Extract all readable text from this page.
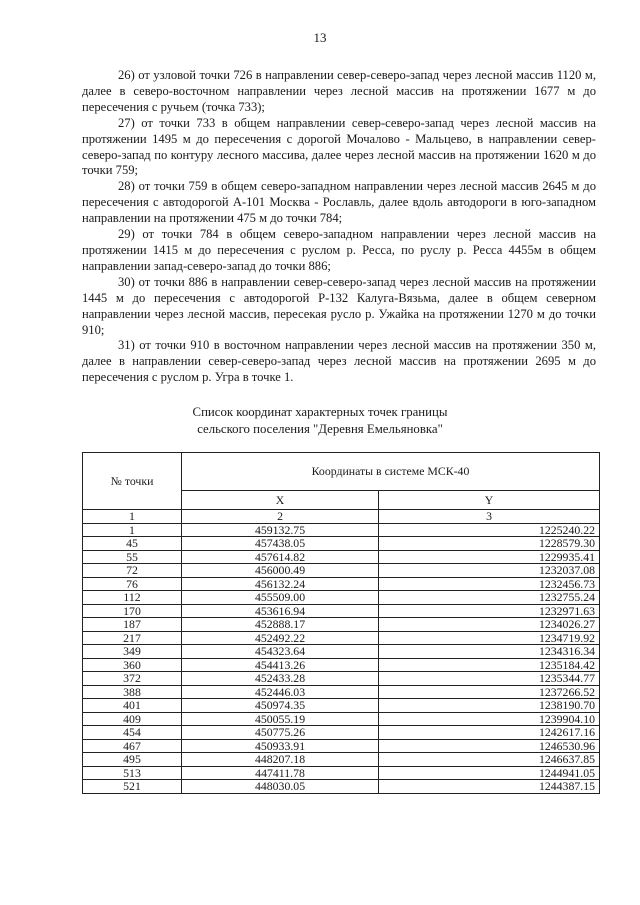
13

26) от узловой точки 726 в направлении север-северо-запад через лесной массив 1120 м, далее в северо-восточном направлении через лесной массив на протяжении 1677 м до пересечения с ручьем (точка 733);

27) от точки 733 в общем направлении север-северо-запад через лесной массив на протяжении 1495 м до пересечения с дорогой Мочалово - Мальцево, в направлении север-северо-запад по контуру лесного массива, далее через лесной массив на протяжении 1620 м до точки 759;

28) от точки 759 в общем северо-западном направлении через лесной массив 2645 м до пересечения с автодорогой А-101 Москва - Рославль, далее вдоль автодороги в юго-западном направлении на протяжении 475 м до точки 784;

29) от точки 784 в общем северо-западном направлении через лесной массив на протяжении 1415 м до пересечения с руслом р. Ресса, по руслу р. Ресса 4455м в общем направлении запад-северо-запад до точки 886;

30) от точки 886 в направлении север-северо-запад через лесной массив на протяжении 1445 м до пересечения с автодорогой Р-132 Калуга-Вязьма, далее в общем северном направлении через лесной массив, пересекая русло р. Ужайка на протяжении 1270 м до точки 910;

31) от точки 910 в восточном направлении через лесной массив на протяжении 350 м, далее в направлении север-северо-запад через лесной массив на протяжении 2695 м до пересечения с руслом р. Угра в точке 1.

Список координат характерных точек границы
сельского поселения "Деревня Емельяновка"
№ точки	Координаты в системе МСК-40	
	X	Y
1	2	3
1	459132.75	1225240.22
45	457438.05	1228579.30
55	457614.82	1229935.41
72	456000.49	1232037.08
76	456132.24	1232456.73
112	455509.00	1232755.24
170	453616.94	1232971.63
187	452888.17	1234026.27
217	452492.22	1234719.92
349	454323.64	1234316.34
360	454413.26	1235184.42
372	452433.28	1235344.77
388	452446.03	1237266.52
401	450974.35	1238190.70
409	450055.19	1239904.10
454	450775.26	1242617.16
467	450933.91	1246530.96
495	448207.18	1246637.85
513	447411.78	1244941.05
521	448030.05	1244387.15
